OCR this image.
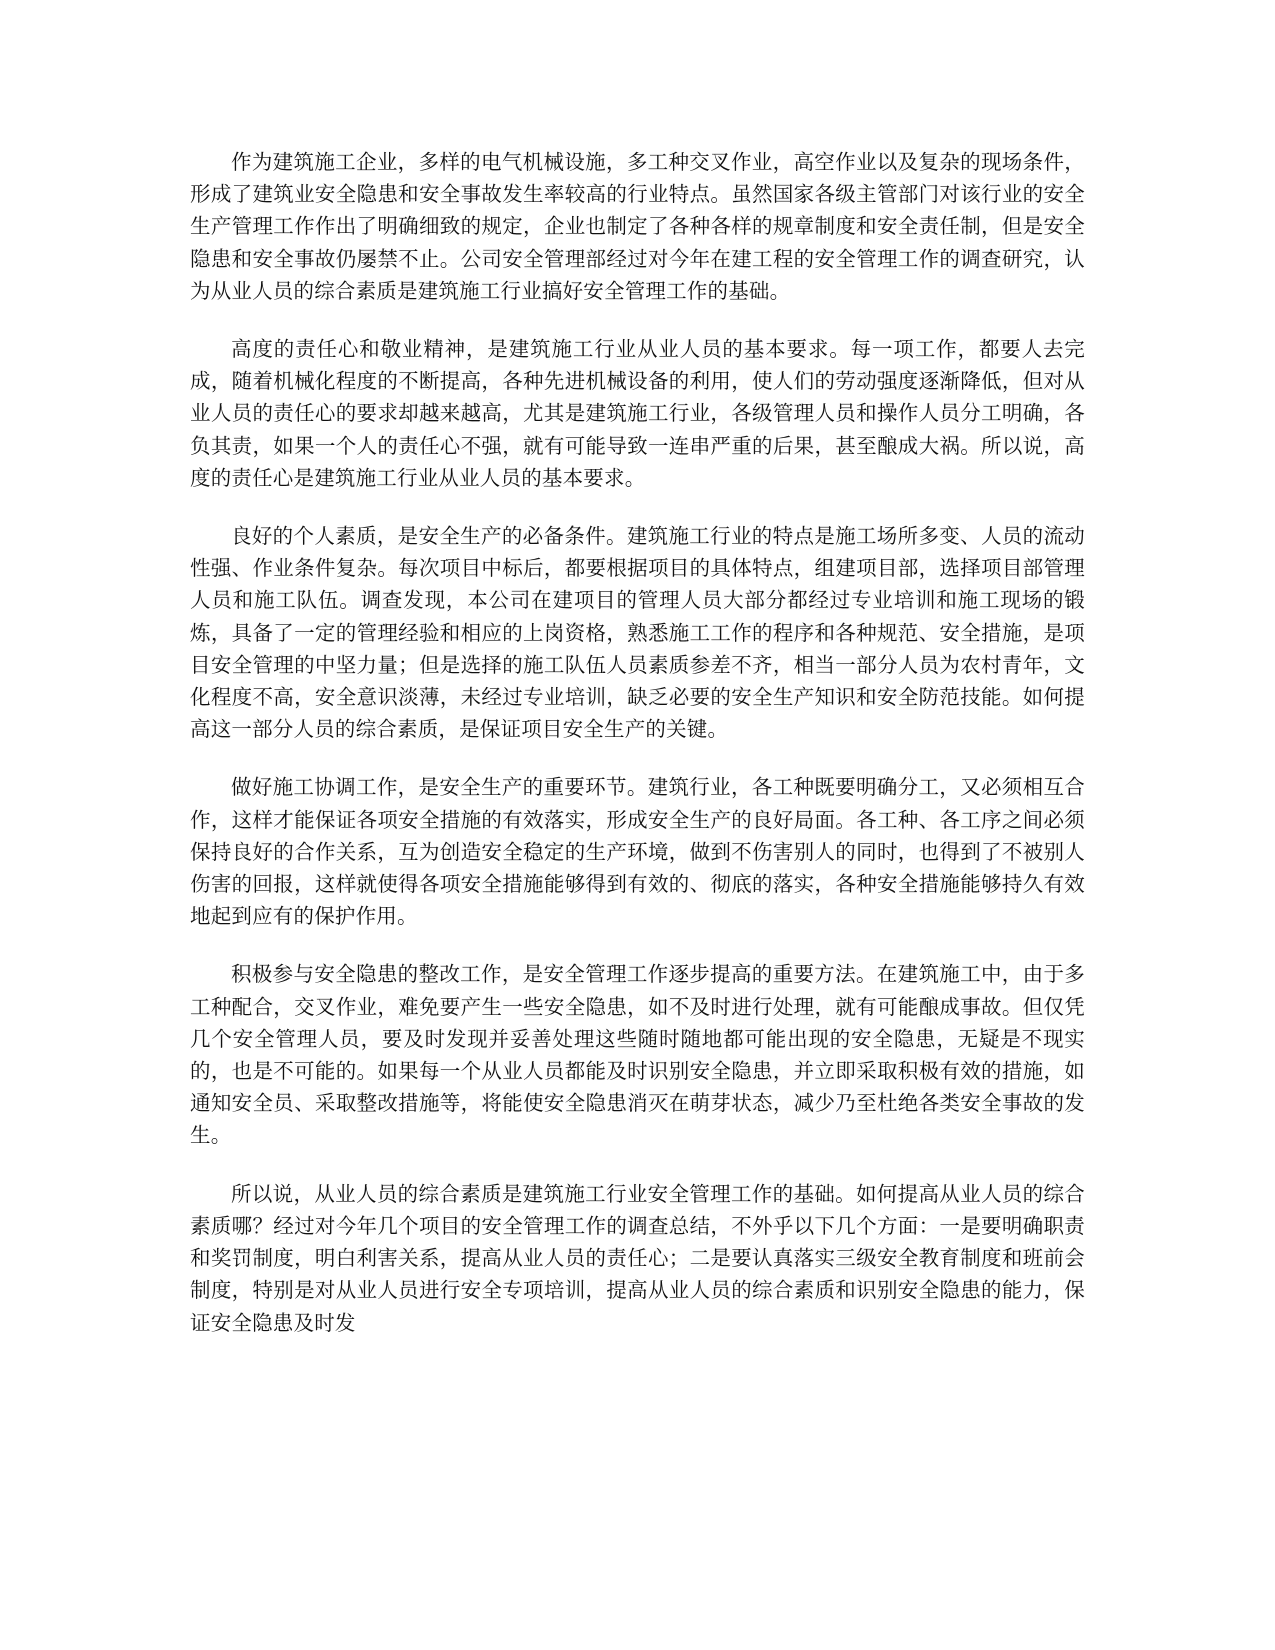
作为建筑施工企业，多样的电气机械设施，多工种交叉作业，高空作业以及复杂的现场条件，形成了建筑业安全隐患和安全事故发生率较高的行业特点。虽然国家各级主管部门对该行业的安全生产管理工作作出了明确细致的规定，企业也制定了各种各样的规章制度和安全责任制，但是安全隐患和安全事故仍屡禁不止。公司安全管理部经过对今年在建工程的安全管理工作的调查研究，认为从业人员的综合素质是建筑施工行业搞好安全管理工作的基础。

高度的责任心和敬业精神，是建筑施工行业从业人员的基本要求。每一项工作，都要人去完成，随着机械化程度的不断提高，各种先进机械设备的利用，使人们的劳动强度逐渐降低，但对从业人员的责任心的要求却越来越高，尤其是建筑施工行业，各级管理人员和操作人员分工明确，各负其责，如果一个人的责任心不强，就有可能导致一连串严重的后果，甚至酿成大祸。所以说，高度的责任心是建筑施工行业从业人员的基本要求。

良好的个人素质，是安全生产的必备条件。建筑施工行业的特点是施工场所多变、人员的流动性强、作业条件复杂。每次项目中标后，都要根据项目的具体特点，组建项目部，选择项目部管理人员和施工队伍。调查发现，本公司在建项目的管理人员大部分都经过专业培训和施工现场的锻炼，具备了一定的管理经验和相应的上岗资格，熟悉施工工作的程序和各种规范、安全措施，是项目安全管理的中坚力量；但是选择的施工队伍人员素质参差不齐，相当一部分人员为农村青年，文化程度不高，安全意识淡薄，未经过专业培训，缺乏必要的安全生产知识和安全防范技能。如何提高这一部分人员的综合素质，是保证项目安全生产的关键。

做好施工协调工作，是安全生产的重要环节。建筑行业，各工种既要明确分工，又必须相互合作，这样才能保证各项安全措施的有效落实，形成安全生产的良好局面。各工种、各工序之间必须保持良好的合作关系，互为创造安全稳定的生产环境，做到不伤害别人的同时，也得到了不被别人伤害的回报，这样就使得各项安全措施能够得到有效的、彻底的落实，各种安全措施能够持久有效地起到应有的保护作用。

积极参与安全隐患的整改工作，是安全管理工作逐步提高的重要方法。在建筑施工中，由于多工种配合，交叉作业，难免要产生一些安全隐患，如不及时进行处理，就有可能酿成事故。但仅凭几个安全管理人员，要及时发现并妥善处理这些随时随地都可能出现的安全隐患，无疑是不现实的，也是不可能的。如果每一个从业人员都能及时识别安全隐患，并立即采取积极有效的措施，如通知安全员、采取整改措施等，将能使安全隐患消灭在萌芽状态，减少乃至杜绝各类安全事故的发生。

所以说，从业人员的综合素质是建筑施工行业安全管理工作的基础。如何提高从业人员的综合素质哪？经过对今年几个项目的安全管理工作的调查总结，不外乎以下几个方面：一是要明确职责和奖罚制度，明白利害关系，提高从业人员的责任心；二是要认真落实三级安全教育制度和班前会制度，特别是对从业人员进行安全专项培训，提高从业人员的综合素质和识别安全隐患的能力，保证安全隐患及时发
